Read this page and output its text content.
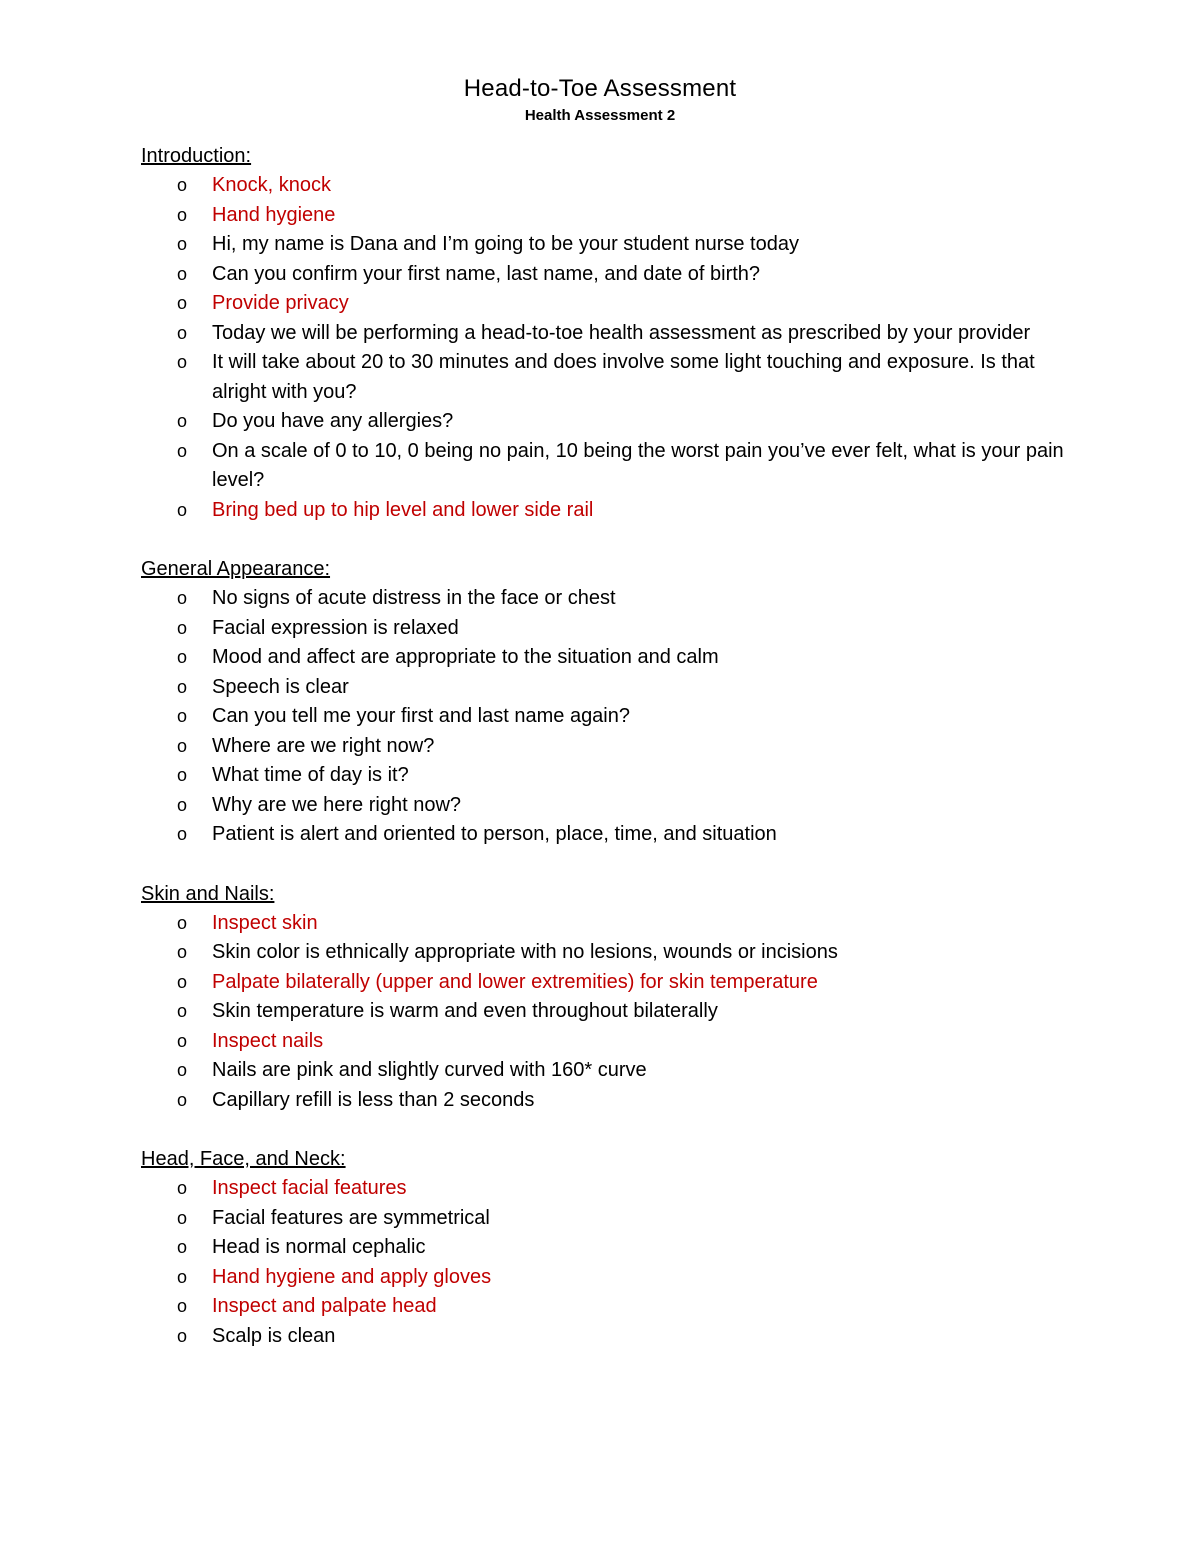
Head-to-Toe Assessment
Health Assessment 2
Introduction:
o Knock, knock
o Hand hygiene
o Hi, my name is Dana and I’m going to be your student nurse today
o Can you confirm your first name, last name, and date of birth?
o Provide privacy
o Today we will be performing a head-to-toe health assessment as prescribed by your provider
o It will take about 20 to 30 minutes and does involve some light touching and exposure. Is that alright with you?
o Do you have any allergies?
o On a scale of 0 to 10, 0 being no pain, 10 being the worst pain you’ve ever felt, what is your pain level?
o Bring bed up to hip level and lower side rail
General Appearance:
o No signs of acute distress in the face or chest
o Facial expression is relaxed
o Mood and affect are appropriate to the situation and calm
o Speech is clear
o Can you tell me your first and last name again?
o Where are we right now?
o What time of day is it?
o Why are we here right now?
o Patient is alert and oriented to person, place, time, and situation
Skin and Nails:
o Inspect skin
o Skin color is ethnically appropriate with no lesions, wounds or incisions
o Palpate bilaterally (upper and lower extremities) for skin temperature
o Skin temperature is warm and even throughout bilaterally
o Inspect nails
o Nails are pink and slightly curved with 160* curve
o Capillary refill is less than 2 seconds
Head, Face, and Neck:
o Inspect facial features
o Facial features are symmetrical
o Head is normal cephalic
o Hand hygiene and apply gloves
o Inspect and palpate head
o Scalp is clean
